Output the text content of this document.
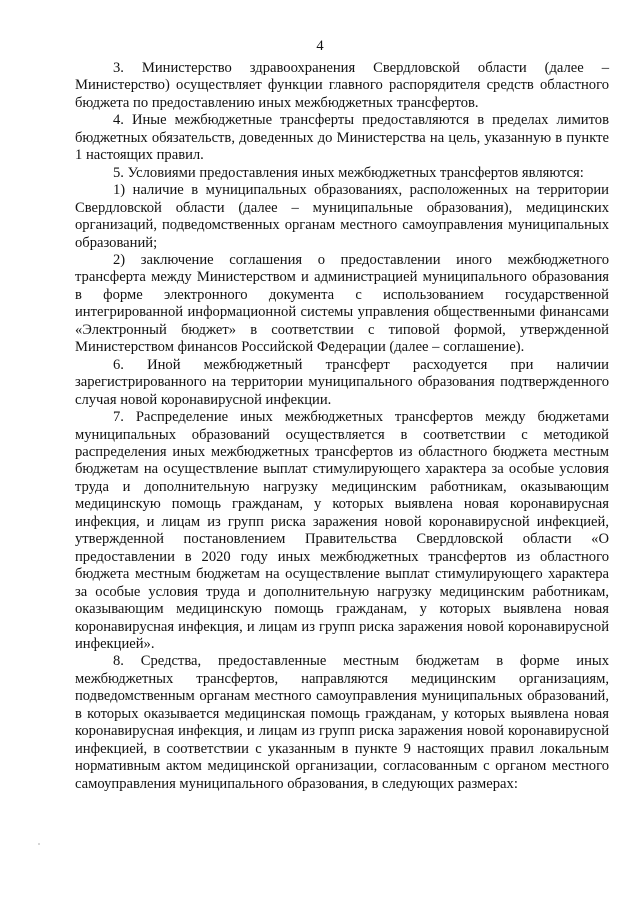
4

3. Министерство здравоохранения Свердловской области (далее – Министерство) осуществляет функции главного распорядителя средств областного бюджета по предоставлению иных межбюджетных трансфертов.

4. Иные межбюджетные трансферты предоставляются в пределах лимитов бюджетных обязательств, доведенных до Министерства на цель, указанную в пункте 1 настоящих правил.

5. Условиями предоставления иных межбюджетных трансфертов являются:

1) наличие в муниципальных образованиях, расположенных на территории Свердловской области (далее – муниципальные образования), медицинских организаций, подведомственных органам местного самоуправления муниципальных образований;

2) заключение соглашения о предоставлении иного межбюджетного трансферта между Министерством и администрацией муниципального образования в форме электронного документа с использованием государственной интегрированной информационной системы управления общественными финансами «Электронный бюджет» в соответствии с типовой формой, утвержденной Министерством финансов Российской Федерации (далее – соглашение).

6. Иной межбюджетный трансферт расходуется при наличии зарегистрированного на территории муниципального образования подтвержденного случая новой коронавирусной инфекции.

7. Распределение иных межбюджетных трансфертов между бюджетами муниципальных образований осуществляется в соответствии с методикой распределения иных межбюджетных трансфертов из областного бюджета местным бюджетам на осуществление выплат стимулирующего характера за особые условия труда и дополнительную нагрузку медицинским работникам, оказывающим медицинскую помощь гражданам, у которых выявлена новая коронавирусная инфекция, и лицам из групп риска заражения новой коронавирусной инфекцией, утвержденной постановлением Правительства Свердловской области «О предоставлении в 2020 году иных межбюджетных трансфертов из областного бюджета местным бюджетам на осуществление выплат стимулирующего характера за особые условия труда и дополнительную нагрузку медицинским работникам, оказывающим медицинскую помощь гражданам, у которых выявлена новая коронавирусная инфекция, и лицам из групп риска заражения новой коронавирусной инфекцией».

8. Средства, предоставленные местным бюджетам в форме иных межбюджетных трансфертов, направляются медицинским организациям, подведомственным органам местного самоуправления муниципальных образований, в которых оказывается медицинская помощь гражданам, у которых выявлена новая коронавирусная инфекция, и лицам из групп риска заражения новой коронавирусной инфекцией, в соответствии с указанным в пункте 9 настоящих правил локальным нормативным актом медицинской организации, согласованным с органом местного самоуправления муниципального образования, в следующих размерах:
